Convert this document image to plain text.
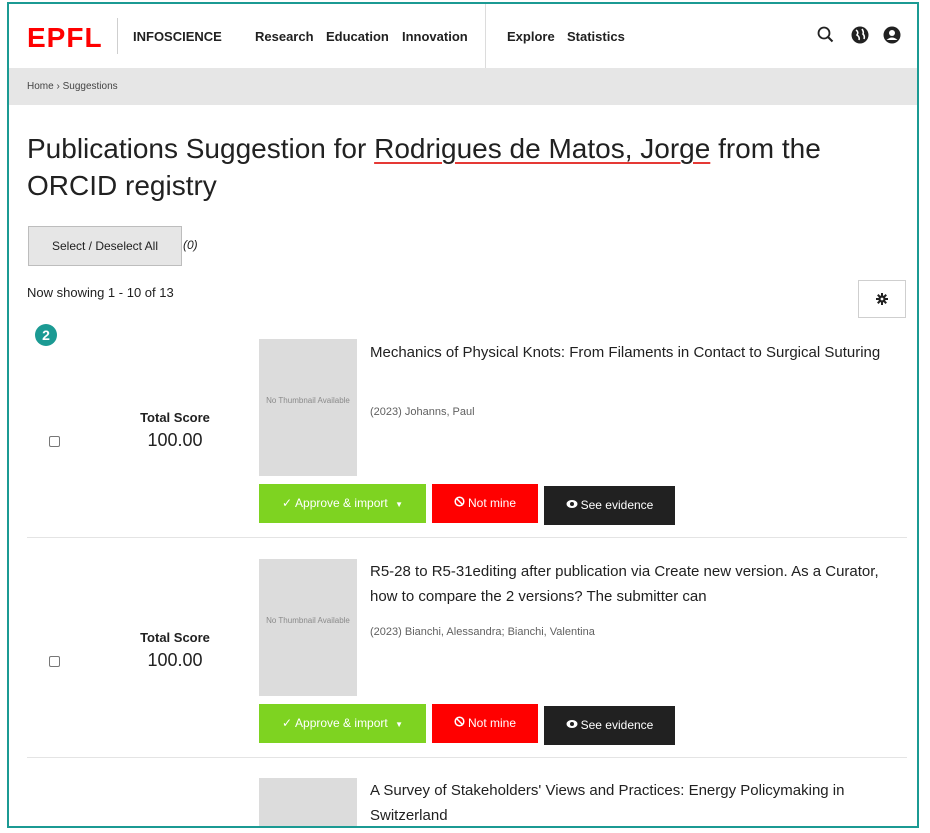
EPFL INFOSCIENCE	Research Education Innovation	Explore Statistics
Home › Suggestions
Publications Suggestion for Rodrigues de Matos, Jorge from the ORCID registry
Select / Deselect All	(0)
Now showing 1 - 10 of 13
2
Total Score
100.00
No Thumbnail Available
Mechanics of Physical Knots: From Filaments in Contact to Surgical Suturing
(2023) Johanns, Paul
✓ Approve & import ▼	Not mine	See evidence
Total Score
100.00
No Thumbnail Available
R5-28 to R5-31editing after publication via Create new version. As a Curator, how to compare the 2 versions? The submitter can
(2023) Bianchi, Alessandra; Bianchi, Valentina
✓ Approve & import ▼	Not mine	See evidence
A Survey of Stakeholders' Views and Practices: Energy Policymaking in Switzerland
